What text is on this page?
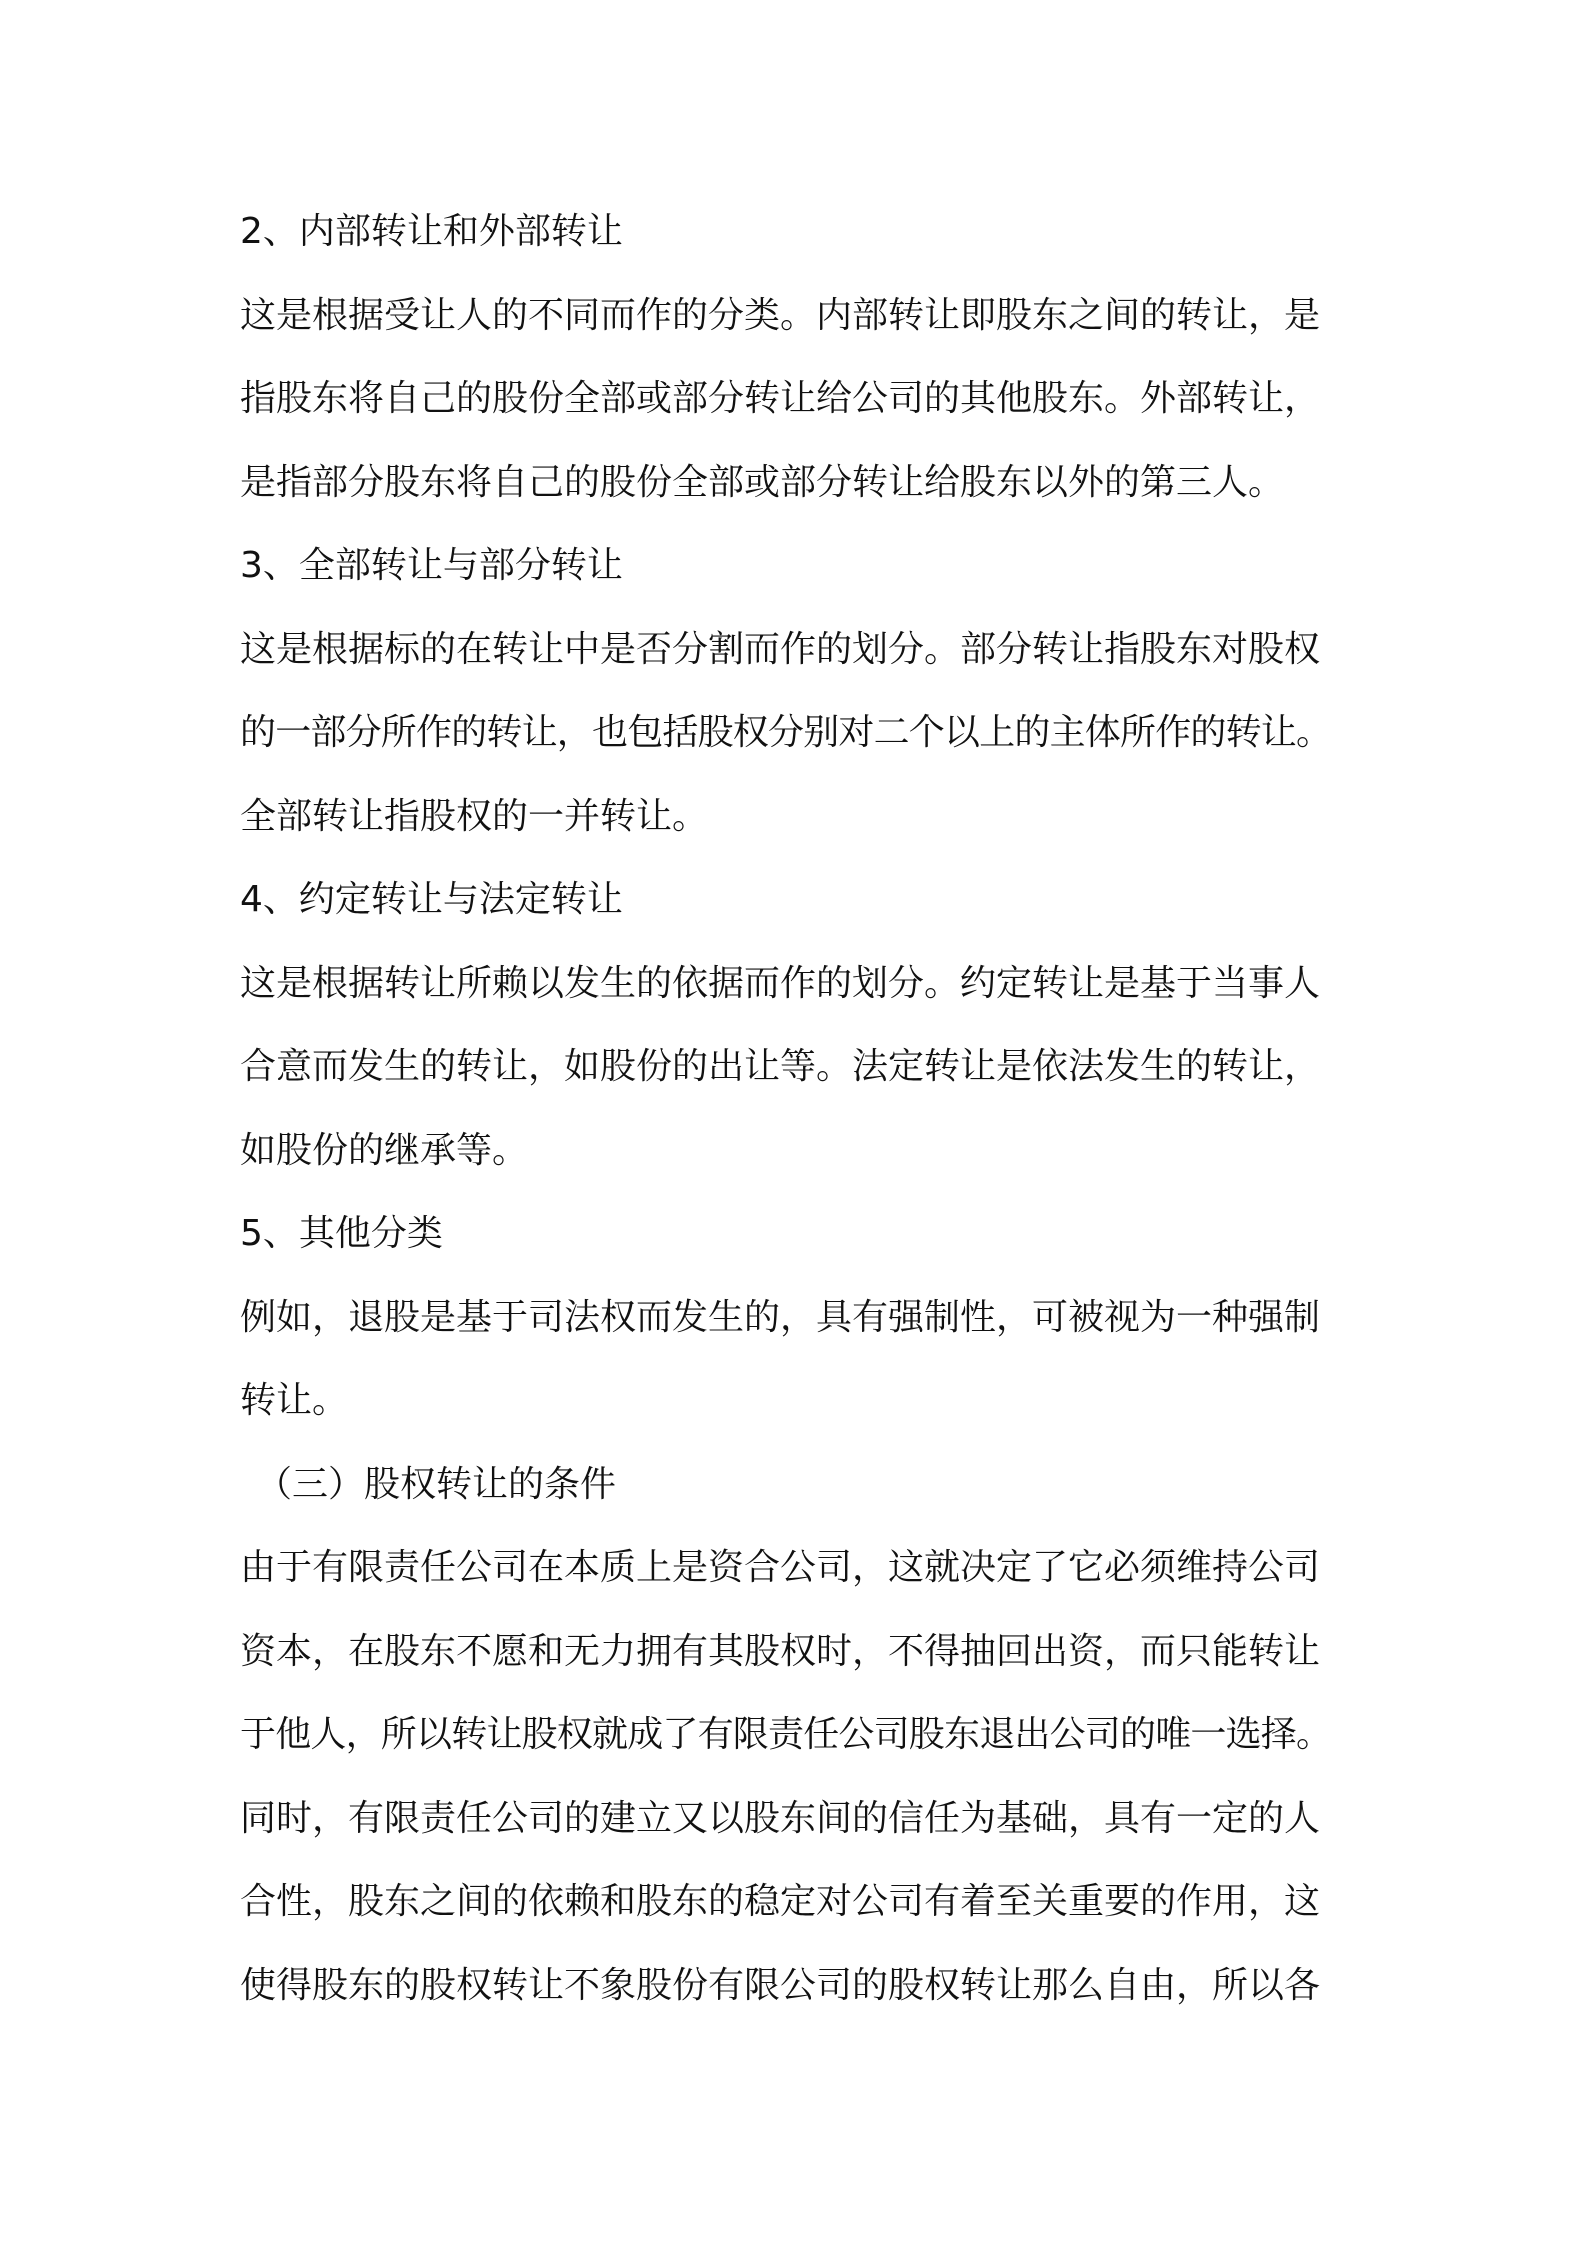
2、内部转让和外部转让
这是根据受让人的不同而作的分类。内部转让即股东之间的转让，是
指股东将自己的股份全部或部分转让给公司的其他股东。外部转让，
是指部分股东将自己的股份全部或部分转让给股东以外的第三人。
3、全部转让与部分转让
这是根据标的在转让中是否分割而作的划分。部分转让指股东对股权
的一部分所作的转让，也包括股权分别对二个以上的主体所作的转让。
全部转让指股权的一并转让。
4、约定转让与法定转让
这是根据转让所赖以发生的依据而作的划分。约定转让是基于当事人
合意而发生的转让，如股份的出让等。法定转让是依法发生的转让，
如股份的继承等。
5、其他分类
例如，退股是基于司法权而发生的，具有强制性，可被视为一种强制
转让。
（三）股权转让的条件
由于有限责任公司在本质上是资合公司，这就决定了它必须维持公司
资本，在股东不愿和无力拥有其股权时，不得抽回出资，而只能转让
于他人，所以转让股权就成了有限责任公司股东退出公司的唯一选择。
同时，有限责任公司的建立又以股东间的信任为基础，具有一定的人
合性，股东之间的依赖和股东的稳定对公司有着至关重要的作用，这
使得股东的股权转让不象股份有限公司的股权转让那么自由，所以各
